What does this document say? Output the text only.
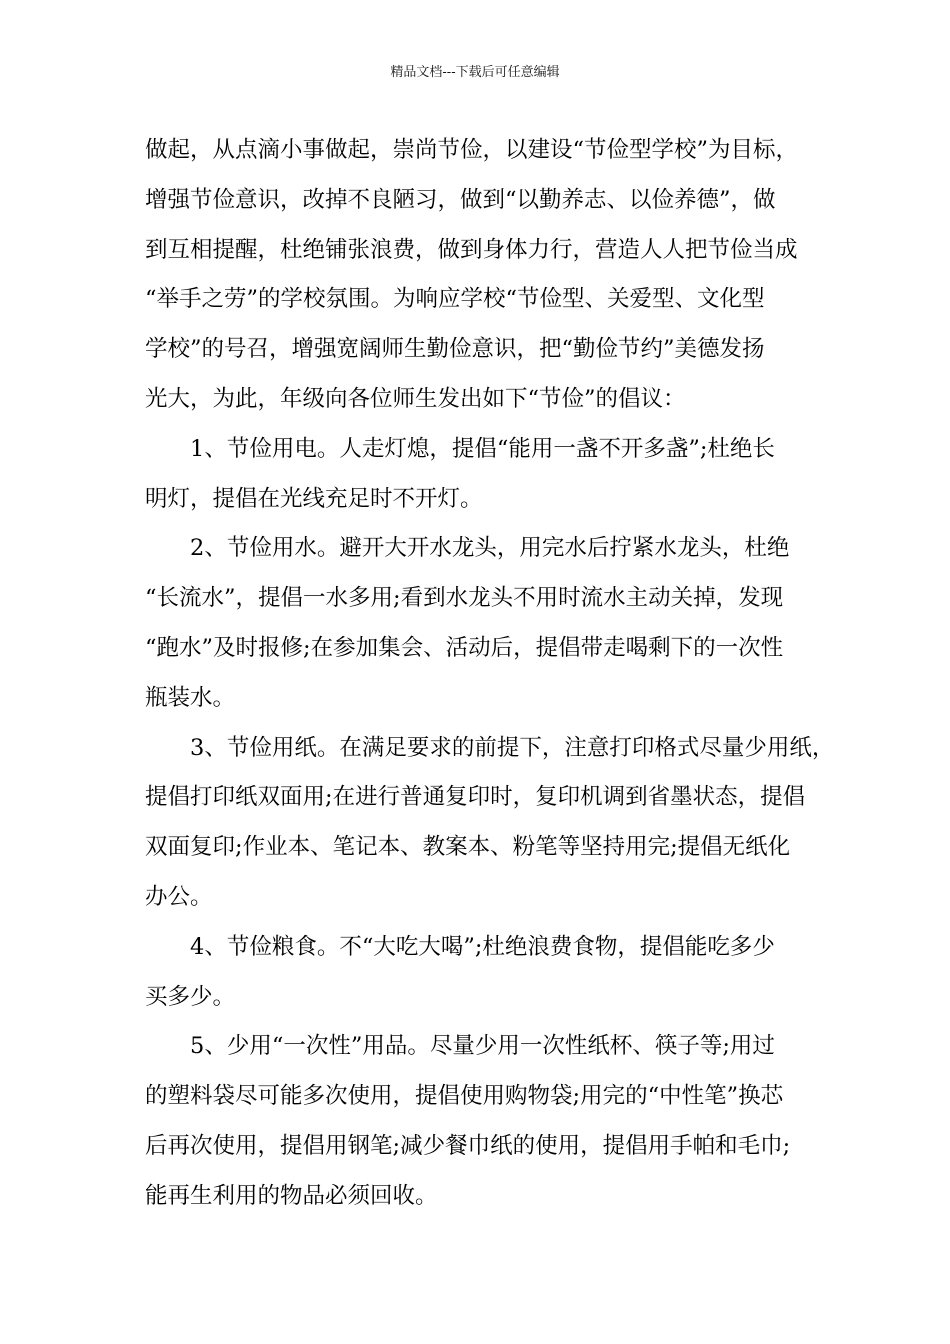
精品文档---下载后可任意编辑

做起，从点滴小事做起，崇尚节俭，以建设“节俭型学校”为目标，

增强节俭意识，改掉不良陋习，做到“以勤养志、以俭养德”，做

到互相提醒，杜绝铺张浪费，做到身体力行，营造人人把节俭当成

“举手之劳”的学校氛围。为响应学校“节俭型、关爱型、文化型

学校”的号召，增强宽阔师生勤俭意识，把“勤俭节约”美德发扬

光大，为此，年级向各位师生发出如下“节俭”的倡议：

1、节俭用电。人走灯熄，提倡“能用一盏不开多盏”;杜绝长

明灯，提倡在光线充足时不开灯。

2、节俭用水。避开大开水龙头，用完水后拧紧水龙头，杜绝

“长流水”，提倡一水多用;看到水龙头不用时流水主动关掉，发现

“跑水”及时报修;在参加集会、活动后，提倡带走喝剩下的一次性

瓶装水。

3、节俭用纸。在满足要求的前提下，注意打印格式尽量少用纸，

提倡打印纸双面用;在进行普通复印时，复印机调到省墨状态，提倡

双面复印;作业本、笔记本、教案本、粉笔等坚持用完;提倡无纸化

办公。

4、节俭粮食。不“大吃大喝”;杜绝浪费食物，提倡能吃多少

买多少。

5、少用“一次性”用品。尽量少用一次性纸杯、筷子等;用过

的塑料袋尽可能多次使用，提倡使用购物袋;用完的“中性笔”换芯

后再次使用，提倡用钢笔;减少餐巾纸的使用，提倡用手帕和毛巾;

能再生利用的物品必须回收。
